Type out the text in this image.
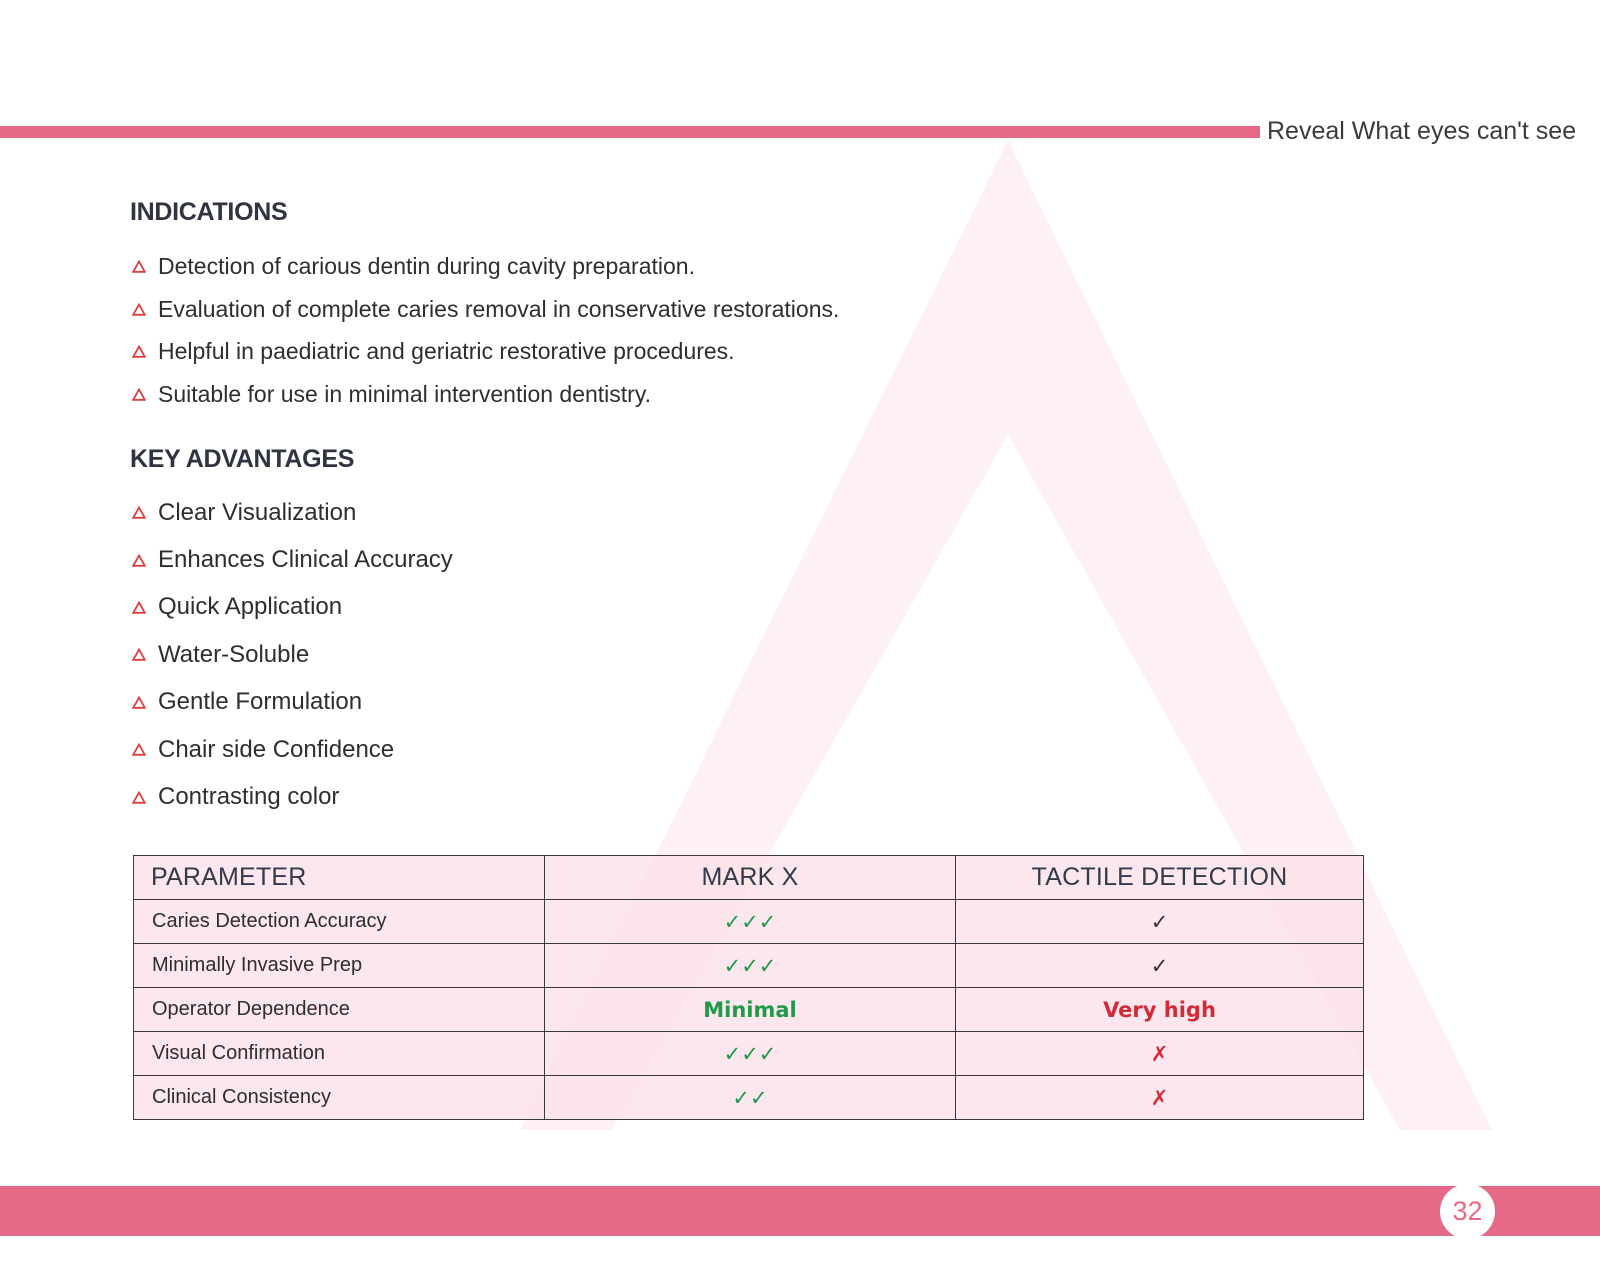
Reveal What eyes can't see
INDICATIONS
Detection of carious dentin during cavity preparation.
Evaluation of complete caries removal in conservative restorations.
Helpful in paediatric and geriatric restorative procedures.
Suitable for use in minimal intervention dentistry.
KEY ADVANTAGES
Clear Visualization
Enhances Clinical Accuracy
Quick Application
Water-Soluble
Gentle Formulation
Chair side Confidence
Contrasting color
PARAMETER	MARK X	TACTILE DETECTION
Caries Detection Accuracy	✓✓✓	✓
Minimally Invasive Prep	✓✓✓	✓
Operator Dependence	Minimal	Very high
Visual Confirmation	✓✓✓	✗
Clinical Consistency	✓✓	✗
32
